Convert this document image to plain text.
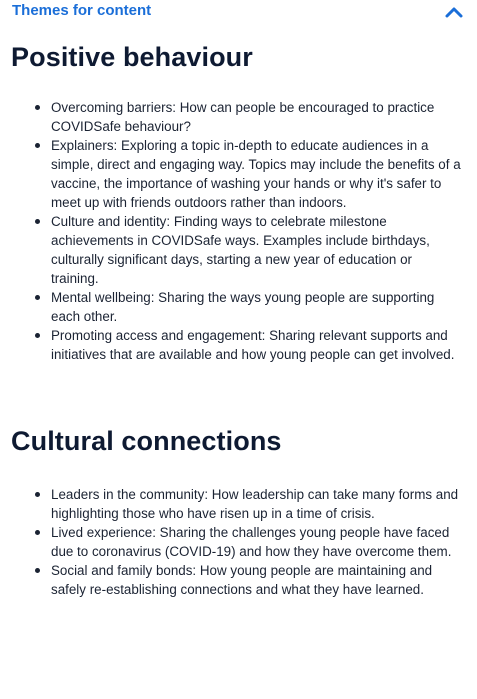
Themes for content
Positive behaviour
Overcoming barriers: How can people be encouraged to practice COVIDSafe behaviour?
Explainers: Exploring a topic in-depth to educate audiences in a simple, direct and engaging way. Topics may include the benefits of a vaccine, the importance of washing your hands or why it's safer to meet up with friends outdoors rather than indoors.
Culture and identity: Finding ways to celebrate milestone achievements in COVIDSafe ways. Examples include birthdays, culturally significant days, starting a new year of education or training.
Mental wellbeing: Sharing the ways young people are supporting each other.
Promoting access and engagement: Sharing relevant supports and initiatives that are available and how young people can get involved.
Cultural connections
Leaders in the community: How leadership can take many forms and highlighting those who have risen up in a time of crisis.
Lived experience: Sharing the challenges young people have faced due to coronavirus (COVID-19) and how they have overcome them.
Social and family bonds: How young people are maintaining and safely re-establishing connections and what they have learned.
